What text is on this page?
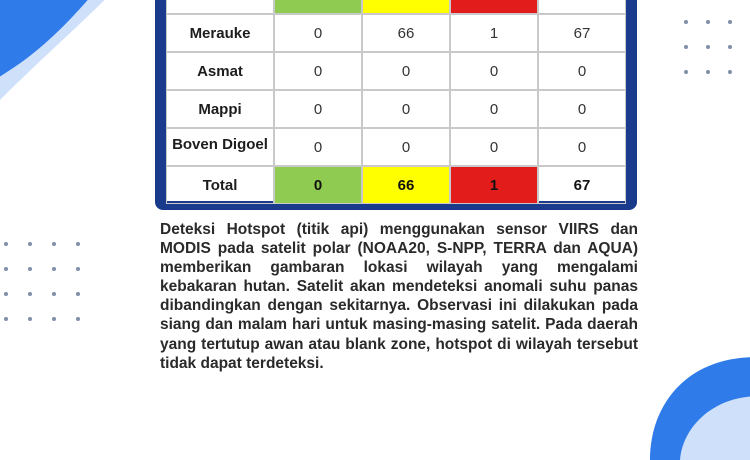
Merauke	0	66	1	67
Asmat	0	0	0	0
Mappi	0	0	0	0
Boven Digoel	0	0	0	0
Total	0	66	1	67

Deteksi Hotspot (titik api) menggunakan sensor VIIRS dan MODIS pada satelit polar (NOAA20, S-NPP, TERRA dan AQUA) memberikan gambaran lokasi wilayah yang mengalami kebakaran hutan. Satelit akan mendeteksi anomali suhu panas dibandingkan dengan sekitarnya. Observasi ini dilakukan pada siang dan malam hari untuk masing-masing satelit. Pada daerah yang tertutup awan atau blank zone, hotspot di wilayah tersebut tidak dapat terdeteksi.
